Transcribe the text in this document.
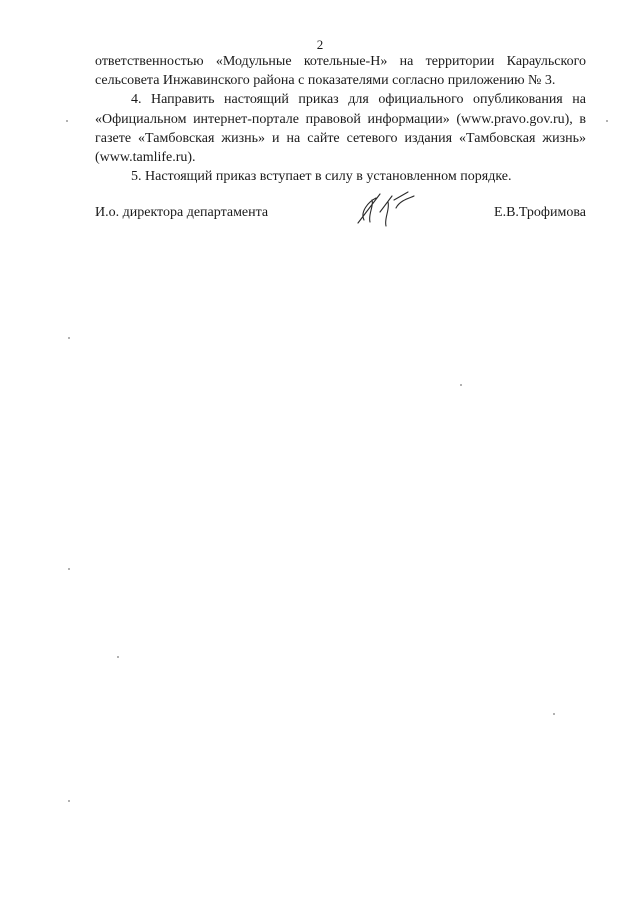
2

ответственностью «Модульные котельные-Н» на территории Караульского сельсовета Инжавинского района с показателями согласно приложению № 3.

4. Направить настоящий приказ для официального опубликования на «Официальном интернет-портале правовой информации» (www.pravo.gov.ru), в газете «Тамбовская жизнь» и на сайте сетевого издания «Тамбовская жизнь» (www.tamlife.ru).

5. Настоящий приказ вступает в силу в установленном порядке.

И.о. директора департамента	Е.В.Трофимова
